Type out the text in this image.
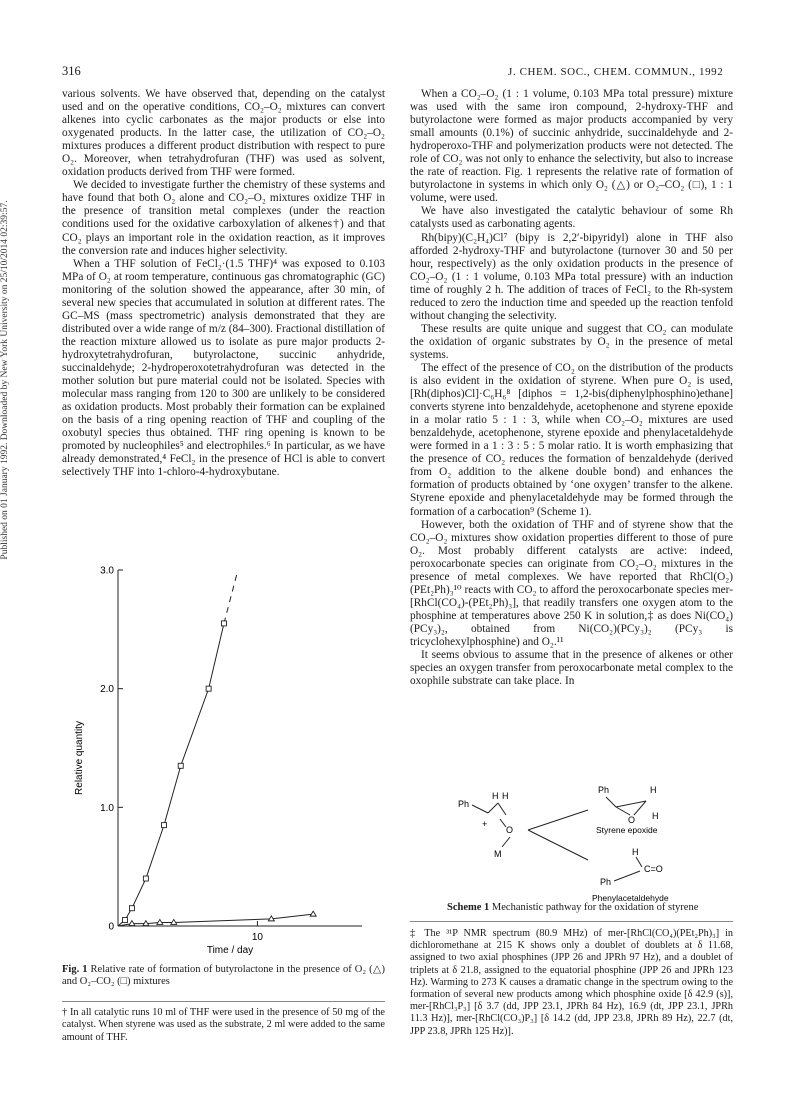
316	J. CHEM. SOC., CHEM. COMMUN., 1992
Published on 01 January 1992. Downloaded by New York University on 25/10/2014 02:39:57.

various solvents. We have observed that, depending on the catalyst used and on the operative conditions, CO₂–O₂ mixtures can convert alkenes into cyclic carbonates as the major products or else into oxygenated products. In the latter case, the utilization of CO₂–O₂ mixtures produces a different product distribution with respect to pure O₂. Moreover, when tetrahydrofuran (THF) was used as solvent, oxidation products derived from THF were formed.

We decided to investigate further the chemistry of these systems and have found that both O₂ alone and CO₂–O₂ mixtures oxidize THF in the presence of transition metal complexes (under the reaction conditions used for the oxidative carboxylation of alkenes†) and that CO₂ plays an important role in the oxidation reaction, as it improves the conversion rate and induces higher selectivity.

When a THF solution of FeCl₂·(1.5 THF)⁴ was exposed to 0.103 MPa of O₂ at room temperature, continuous gas chromatographic (GC) monitoring of the solution showed the appearance, after 30 min, of several new species that accumulated in solution at different rates. The GC–MS (mass spectrometric) analysis demonstrated that they are distributed over a wide range of m/z (84–300). Fractional distillation of the reaction mixture allowed us to isolate as pure major products 2-hydroxytetrahydrofuran, butyrolactone, succinic anhydride, succinaldehyde; 2-hydroperoxotetrahydrofuran was detected in the mother solution but pure material could not be isolated. Species with molecular mass ranging from 120 to 300 are unlikely to be considered as oxidation products. Most probably their formation can be explained on the basis of a ring opening reaction of THF and coupling of the oxobutyl species thus obtained. THF ring opening is known to be promoted by nucleophiles⁵ and electrophiles.⁶ In particular, as we have already demonstrated,⁴ FeCl₂ in the presence of HCl is able to convert selectively THF into 1-chloro-4-hydroxybutane.

3.0
2.0
1.0
0
10
Relative quantity
Time / day
Fig. 1 Relative rate of formation of butyrolactone in the presence of O₂ (△) and O₂–CO₂ (□) mixtures
† In all catalytic runs 10 ml of THF were used in the presence of 50 mg of the catalyst. When styrene was used as the substrate, 2 ml were added to the same amount of THF.

When a CO₂–O₂ (1 : 1 volume, 0.103 MPa total pressure) mixture was used with the same iron compound, 2-hydroxy-THF and butyrolactone were formed as major products accompanied by very small amounts (0.1%) of succinic anhydride, succinaldehyde and 2-hydroperoxo-THF and polymerization products were not detected. The role of CO₂ was not only to enhance the selectivity, but also to increase the rate of reaction. Fig. 1 represents the relative rate of formation of butyrolactone in systems in which only O₂ (△) or O₂–CO₂ (□), 1 : 1 volume, were used.

We have also investigated the catalytic behaviour of some Rh catalysts used as carbonating agents.

Rh(bipy)(C₂H₄)Cl⁷ (bipy is 2,2′-bipyridyl) alone in THF also afforded 2-hydroxy-THF and butyrolactone (turnover 30 and 50 per hour, respectively) as the only oxidation products in the presence of CO₂–O₂ (1 : 1 volume, 0.103 MPa total pressure) with an induction time of roughly 2 h. The addition of traces of FeCl₂ to the Rh-system reduced to zero the induction time and speeded up the reaction tenfold without changing the selectivity.

These results are quite unique and suggest that CO₂ can modulate the oxidation of organic substrates by O₂ in the presence of metal systems.

The effect of the presence of CO₂ on the distribution of the products is also evident in the oxidation of styrene. When pure O₂ is used, [Rh(diphos)Cl]·C₆H₆⁸ [diphos = 1,2-bis(diphenylphosphino)ethane] converts styrene into benzaldehyde, acetophenone and styrene epoxide in a molar ratio 5 : 1 : 3, while when CO₂–O₂ mixtures are used benzaldehyde, acetophenone, styrene epoxide and phenylacetaldehyde were formed in a 1 : 3 : 5 : 5 molar ratio. It is worth emphasizing that the presence of CO₂ reduces the formation of benzaldehyde (derived from O₂ addition to the alkene double bond) and enhances the formation of products obtained by ‘one oxygen’ transfer to the alkene. Styrene epoxide and phenylacetaldehyde may be formed through the formation of a carbocation⁹ (Scheme 1).

However, both the oxidation of THF and of styrene show that the CO₂–O₂ mixtures show oxidation properties different to those of pure O₂. Most probably different catalysts are active: indeed, peroxocarbonate species can originate from CO₂–O₂ mixtures in the presence of metal complexes. We have reported that RhCl(O₂)(PEt₂Ph)₃¹⁰ reacts with CO₂ to afford the peroxocarbonate species mer-[RhCl(CO₄)-(PEt₂Ph)₃], that readily transfers one oxygen atom to the phosphine at temperatures above 250 K in solution,‡ as does Ni(CO₄)(PCy₃)₂, obtained from Ni(CO₂)(PCy₃)₂ (PCy₃ is tricyclohexylphosphine) and O₂.¹¹

It seems obvious to assume that in the presence of alkenes or other species an oxygen transfer from peroxocarbonate metal complex to the oxophile substrate can take place. In

Ph
H H
+
O
M
Ph	H
O H
Styrene epoxide
H
C=O
Ph
Phenylacetaldehyde
Scheme 1 Mechanistic pathway for the oxidation of styrene

‡ The ³¹P NMR spectrum (80.9 MHz) of mer-[RhCl(CO₄)(PEt₂Ph)₃] in dichloromethane at 215 K shows only a doublet of doublets at δ 11.68, assigned to two axial phosphines (JPP 26 and JPRh 97 Hz), and a doublet of triplets at δ 21.8, assigned to the equatorial phosphine (JPP 26 and JPRh 123 Hz). Warming to 273 K causes a dramatic change in the spectrum owing to the formation of several new products among which phosphine oxide [δ 42.9 (s)], mer-[RhCl₃P₃] [δ 3.7 (dd, JPP 23.1, JPRh 84 Hz), 16.9 (dt, JPP 23.1, JPRh 11.3 Hz)], mer-[RhCl(CO₃)P₃] [δ 14.2 (dd, JPP 23.8, JPRh 89 Hz), 22.7 (dt, JPP 23.8, JPRh 125 Hz)].
